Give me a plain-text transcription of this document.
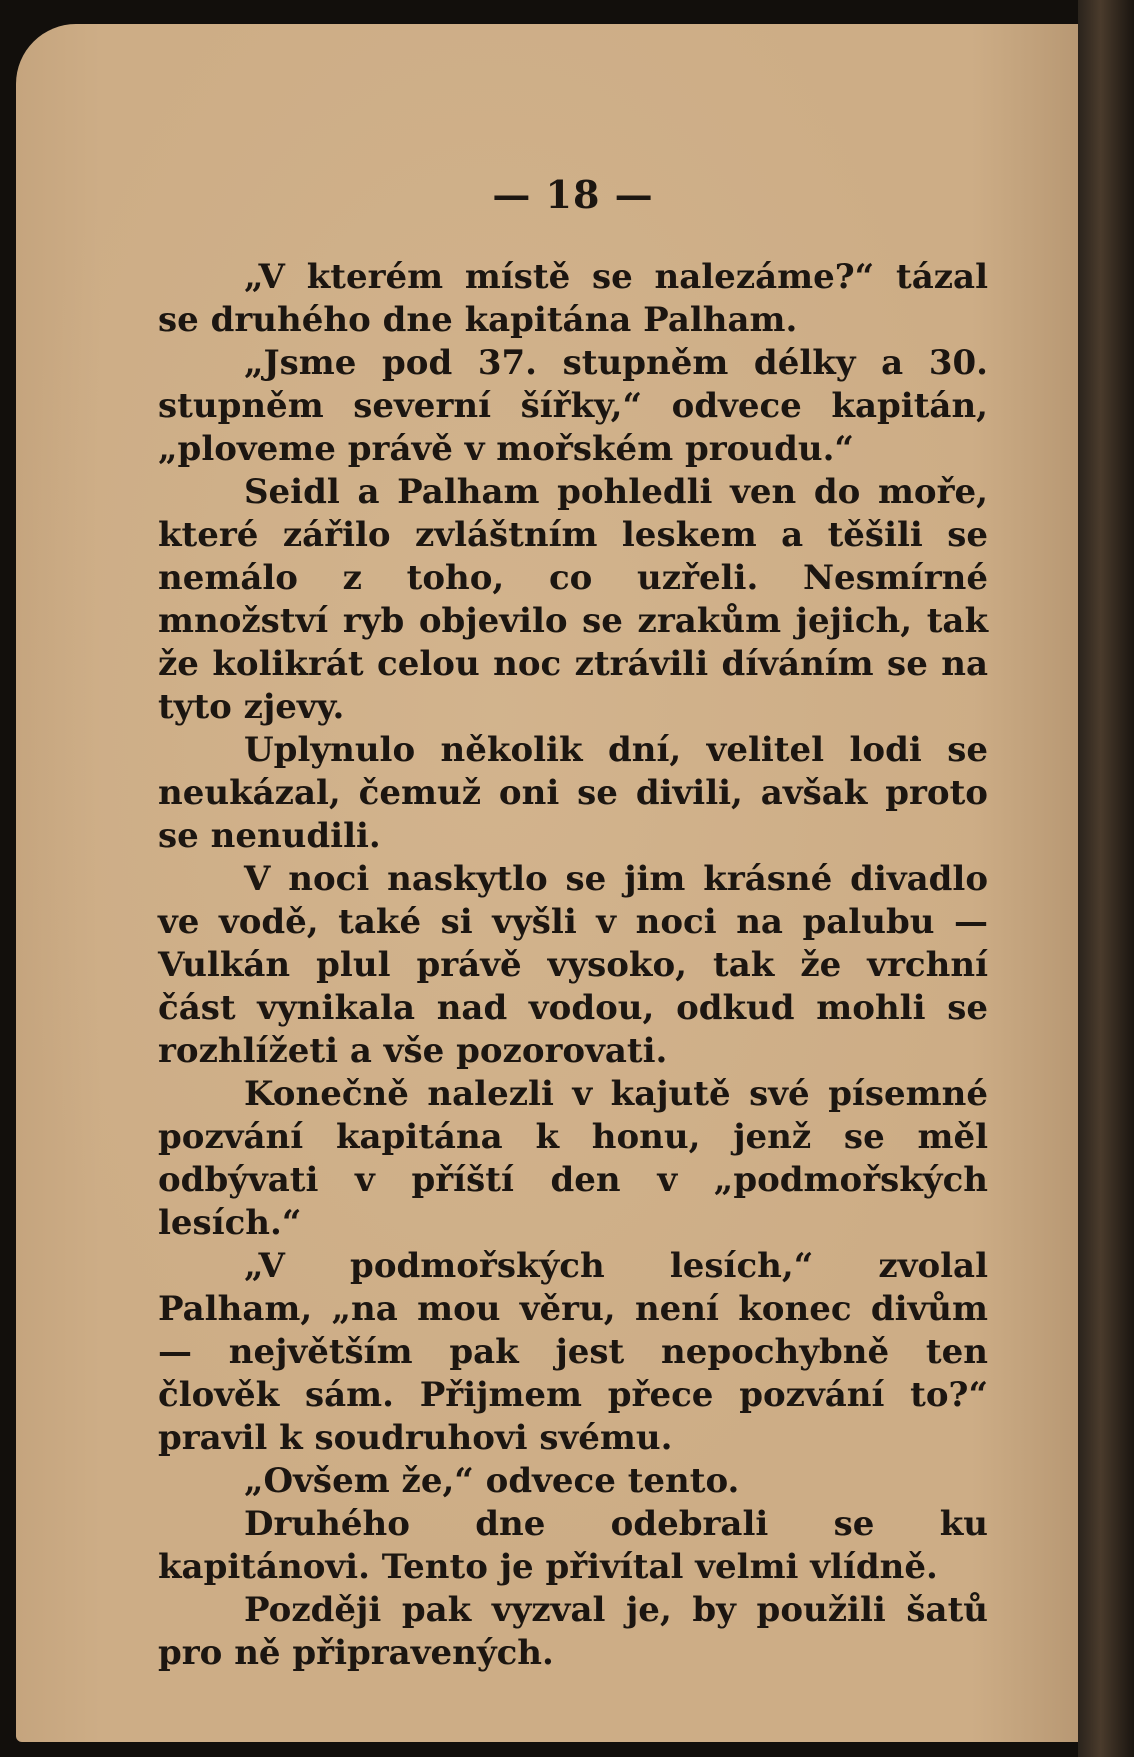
— 18 —

„V kterém místě se nalezáme?“ tázal se druhého dne kapitána Palham.

„Jsme pod 37. stupněm délky a 30. stupněm severní šířky,“ odvece kapitán, „ploveme právě v mořském proudu.“

Seidl a Palham pohledli ven do moře, které zářilo zvláštním leskem a těšili se nemálo z toho, co uzřeli. Nesmírné množství ryb objevilo se zrakům jejich, tak že kolikrát celou noc ztrávili díváním se na tyto zjevy.

Uplynulo několik dní, velitel lodi se neukázal, čemuž oni se divili, avšak proto se nenudili.

V noci naskytlo se jim krásné divadlo ve vodě, také si vyšli v noci na palubu — Vulkán plul právě vysoko, tak že vrchní část vynikala nad vodou, odkud mohli se rozhlížeti a vše pozorovati.

Konečně nalezli v kajutě své písemné pozvání kapitána k honu, jenž se měl odbývati v příští den v „podmořských lesích.“

„V podmořských lesích,“ zvolal Palham, „na mou věru, není konec divům — největším pak jest nepochybně ten člověk sám. Přijmem přece pozvání to?“ pravil k soudruhovi svému.

„Ovšem že,“ odvece tento.

Druhého dne odebrali se ku kapitánovi. Tento je přivítal velmi vlídně.

Později pak vyzval je, by použili šatů pro ně připravených.
